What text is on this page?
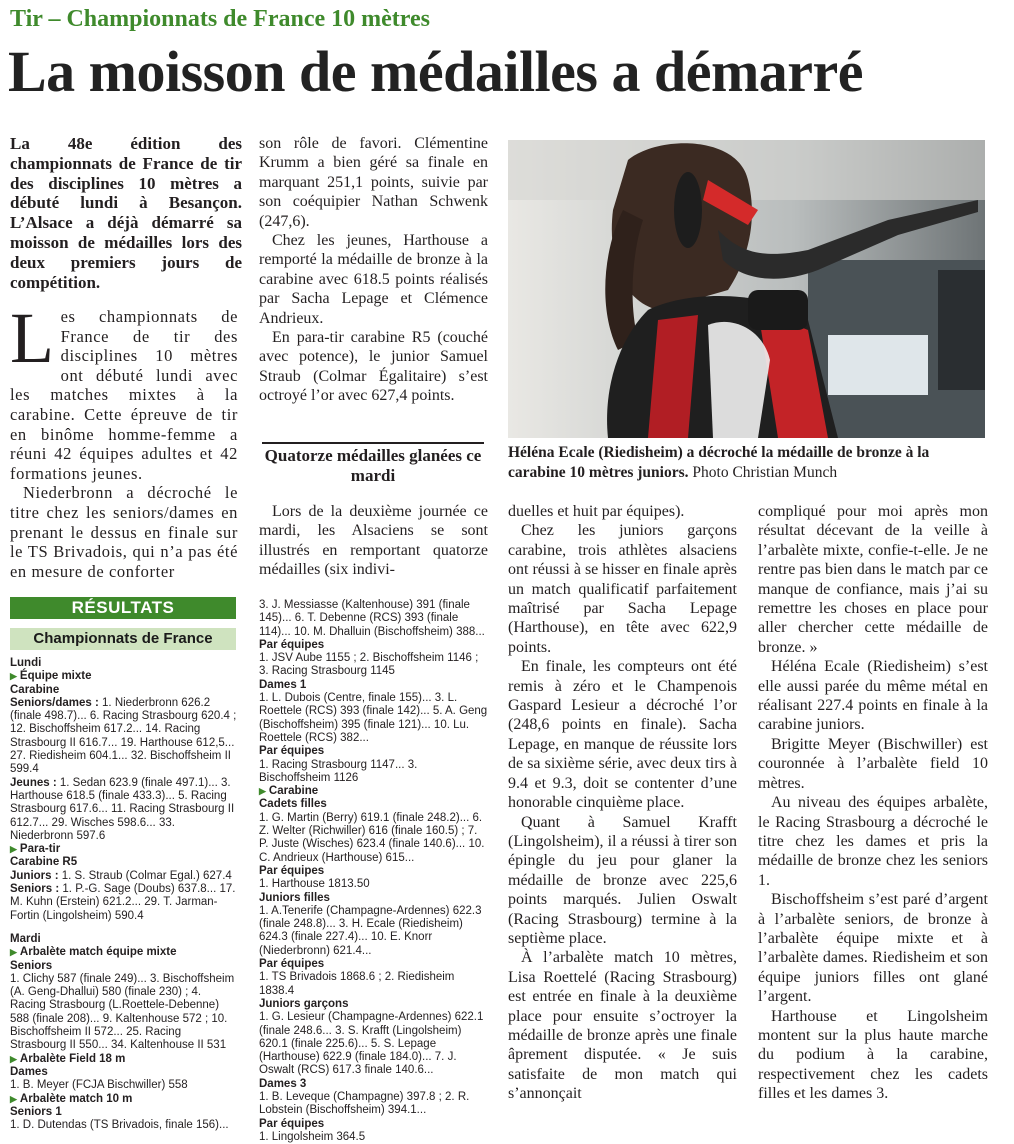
Tir – Championnats de France 10 mètres
La moisson de médailles a démarré
La 48e édition des championnats de France de tir des disciplines 10 mètres a débuté lundi à Besançon. L’Alsace a déjà démarré sa moisson de médailles lors des deux premiers jours de compétition.
L es championnats de France de tir des disciplines 10 mètres ont débuté lundi avec les matches mixtes à la carabine. Cette épreuve de tir en binôme homme-femme a réuni 42 équipes adultes et 42 formations jeunes.

Niederbronn a décroché le titre chez les seniors/dames en prenant le dessus en finale sur le TS Brivadois, qui n’a pas été en mesure de conforter

son rôle de favori. Clémentine Krumm a bien géré sa finale en marquant 251,1 points, suivie par son coéquipier Nathan Schwenk (247,6).

Chez les jeunes, Harthouse a remporté la médaille de bronze à la carabine avec 618.5 points réalisés par Sacha Lepage et Clémence Andrieux.

En para-tir carabine R5 (couché avec potence), le junior Samuel Straub (Colmar Égalitaire) s’est octroyé l’or avec 627,4 points.

Quatorze médailles glanées ce mardi

Lors de la deuxième journée ce mardi, les Alsaciens se sont illustrés en remportant quatorze médailles (six indivi-

Héléna Ecale (Riedisheim) a décroché la médaille de bronze à la carabine 10 mètres juniors. Photo Christian Munch

duelles et huit par équipes).

Chez les juniors garçons carabine, trois athlètes alsaciens ont réussi à se hisser en finale après un match qualificatif parfaitement maîtrisé par Sacha Lepage (Harthouse), en tête avec 622,9 points.

En finale, les compteurs ont été remis à zéro et le Champenois Gaspard Lesieur a décroché l’or (248,6 points en finale). Sacha Lepage, en manque de réussite lors de sa sixième série, avec deux tirs à 9.4 et 9.3, doit se contenter d’une honorable cinquième place.

Quant à Samuel Krafft (Lingolsheim), il a réussi à tirer son épingle du jeu pour glaner la médaille de bronze avec 225,6 points marqués. Julien Oswalt (Racing Strasbourg) termine à la septième place.

À l’arbalète match 10 mètres, Lisa Roettelé (Racing Strasbourg) est entrée en finale à la deuxième place pour ensuite s’octroyer la médaille de bronze après une finale âprement disputée. « Je suis satisfaite de mon match qui s’annonçait

compliqué pour moi après mon résultat décevant de la veille à l’arbalète mixte, confie-t-elle. Je ne rentre pas bien dans le match par ce manque de confiance, mais j’ai su remettre les choses en place pour aller chercher cette médaille de bronze. »

Héléna Ecale (Riedisheim) s’est elle aussi parée du même métal en réalisant 227.4 points en finale à la carabine juniors.

Brigitte Meyer (Bischwiller) est couronnée à l’arbalète field 10 mètres.

Au niveau des équipes arbalète, le Racing Strasbourg a décroché le titre chez les dames et pris la médaille de bronze chez les seniors 1.

Bischoffsheim s’est paré d’argent à l’arbalète seniors, de bronze à l’arbalète équipe mixte et à l’arbalète dames. Riedisheim et son équipe juniors filles ont glané l’argent.

Harthouse et Lingolsheim montent sur la plus haute marche du podium à la carabine, respectivement chez les cadets filles et les dames 3.

RÉSULTATS
Championnats de France
Lundi
▶ Équipe mixte
Carabine
Seniors/dames : 1. Niederbronn 626.2 (finale 498.7)... 6. Racing Strasbourg 620.4 ; 12. Bischoffsheim 617.2... 14. Racing Strasbourg II 616.7... 19. Harthouse 612,5... 27. Riedisheim 604.1... 32. Bischoffsheim II 599.4
Jeunes : 1. Sedan 623.9 (finale 497.1)... 3. Harthouse 618.5 (finale 433.3)... 5. Racing Strasbourg 617.6... 11. Racing Strasbourg II 612.7... 29. Wisches 598.6... 33. Niederbronn 597.6
▶ Para-tir
Carabine R5
Juniors : 1. S. Straub (Colmar Egal.) 627.4
Seniors : 1. P.-G. Sage (Doubs) 637.8... 17. M. Kuhn (Erstein) 621.2... 29. T. Jarman-Fortin (Lingolsheim) 590.4
Mardi
▶ Arbalète match équipe mixte
Seniors
1. Clichy 587 (finale 249)... 3. Bischoffsheim (A. Geng-Dhallui) 580 (finale 230) ; 4. Racing Strasbourg (L.Roettele-Debenne) 588 (finale 208)... 9. Kaltenhouse 572 ; 10. Bischoffsheim II 572... 25. Racing Strasbourg II 550... 34. Kaltenhouse II 531
▶ Arbalète Field 18 m
Dames
1. B. Meyer (FCJA Bischwiller) 558
▶ Arbalète match 10 m
Seniors 1
1. D. Dutendas (TS Brivadois, finale 156)...
3. J. Messiasse (Kaltenhouse) 391 (finale 145)... 6. T. Debenne (RCS) 393 (finale 114)... 10. M. Dhalluin (Bischoffsheim) 388...
Par équipes
1. JSV Aube 1155 ; 2. Bischoffsheim 1146 ; 3. Racing Strasbourg 1145
Dames 1
1. L. Dubois (Centre, finale 155)... 3. L. Roettele (RCS) 393 (finale 142)... 5. A. Geng (Bischoffsheim) 395 (finale 121)... 10. Lu. Roettele (RCS) 382...
Par équipes
1. Racing Strasbourg 1147... 3. Bischoffsheim 1126
▶ Carabine
Cadets filles
1. G. Martin (Berry) 619.1 (finale 248.2)... 6. Z. Welter (Richwiller) 616 (finale 160.5) ; 7. P. Juste (Wisches) 623.4 (finale 140.6)... 10. C. Andrieux (Harthouse) 615...
Par équipes
1. Harthouse 1813.50
Juniors filles
1. A.Tenerife (Champagne-Ardennes) 622.3 (finale 248.8)... 3. H. Ecale (Riedisheim) 624.3 (finale 227.4)... 10. E. Knorr (Niederbronn) 621.4...
Par équipes
1. TS Brivadois 1868.6 ; 2. Riedisheim 1838.4
Juniors garçons
1. G. Lesieur (Champagne-Ardennes) 622.1 (finale 248.6... 3. S. Krafft (Lingolsheim) 620.1 (finale 225.6)... 5. S. Lepage (Harthouse) 622.9 (finale 184.0)... 7. J. Oswalt (RCS) 617.3 finale 140.6...
Dames 3
1. B. Leveque (Champagne) 397.8 ; 2. R. Lobstein (Bischoffsheim) 394.1...
Par équipes
1. Lingolsheim 364.5
